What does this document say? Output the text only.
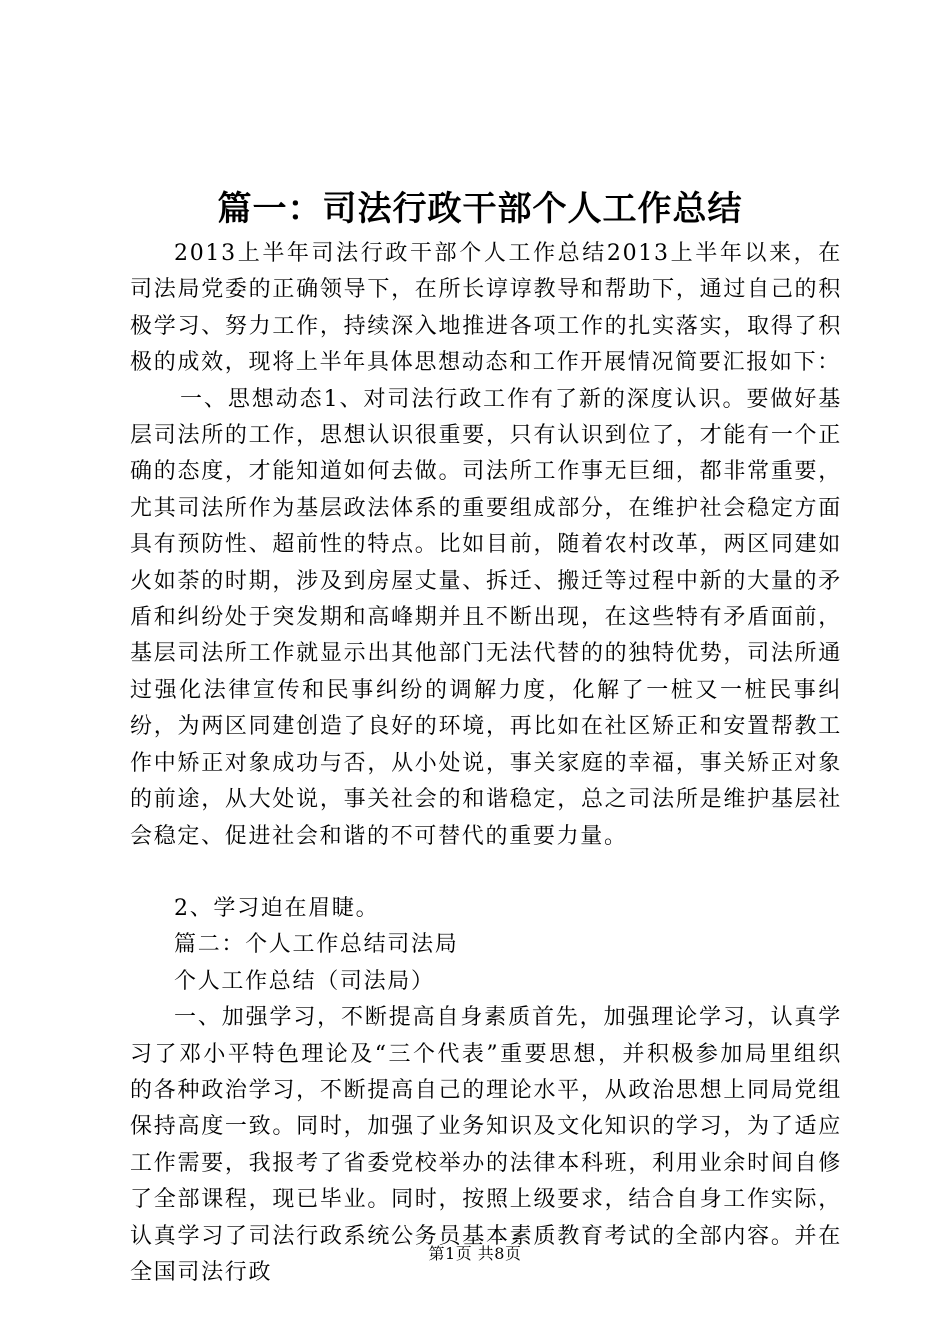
篇一：司法行政干部个人工作总结

2013上半年司法行政干部个人工作总结2013上半年以来，在司法局党委的正确领导下，在所长谆谆教导和帮助下，通过自己的积极学习、努力工作，持续深入地推进各项工作的扎实落实，取得了积极的成效，现将上半年具体思想动态和工作开展情况简要汇报如下：

一、思想动态1、对司法行政工作有了新的深度认识。要做好基层司法所的工作，思想认识很重要，只有认识到位了，才能有一个正确的态度，才能知道如何去做。司法所工作事无巨细，都非常重要，尤其司法所作为基层政法体系的重要组成部分，在维护社会稳定方面具有预防性、超前性的特点。比如目前，随着农村改革，两区同建如火如荼的时期，涉及到房屋丈量、拆迁、搬迁等过程中新的大量的矛盾和纠纷处于突发期和高峰期并且不断出现，在这些特有矛盾面前，基层司法所工作就显示出其他部门无法代替的的独特优势，司法所通过强化法律宣传和民事纠纷的调解力度，化解了一桩又一桩民事纠纷，为两区同建创造了良好的环境，再比如在社区矫正和安置帮教工作中矫正对象成功与否，从小处说，事关家庭的幸福，事关矫正对象的前途，从大处说，事关社会的和谐稳定，总之司法所是维护基层社会稳定、促进社会和谐的不可替代的重要力量。

2、学习迫在眉睫。

篇二：个人工作总结司法局

个人工作总结（司法局）

一、加强学习，不断提高自身素质首先，加强理论学习，认真学习了邓小平特色理论及“三个代表”重要思想，并积极参加局里组织的各种政治学习，不断提高自己的理论水平，从政治思想上同局党组保持高度一致。同时，加强了业务知识及文化知识的学习，为了适应工作需要，我报考了省委党校举办的法律本科班，利用业余时间自修了全部课程，现已毕业。同时，按照上级要求，结合自身工作实际，认真学习了司法行政系统公务员基本素质教育考试的全部内容。并在全国司法行政

第1页 共8页
